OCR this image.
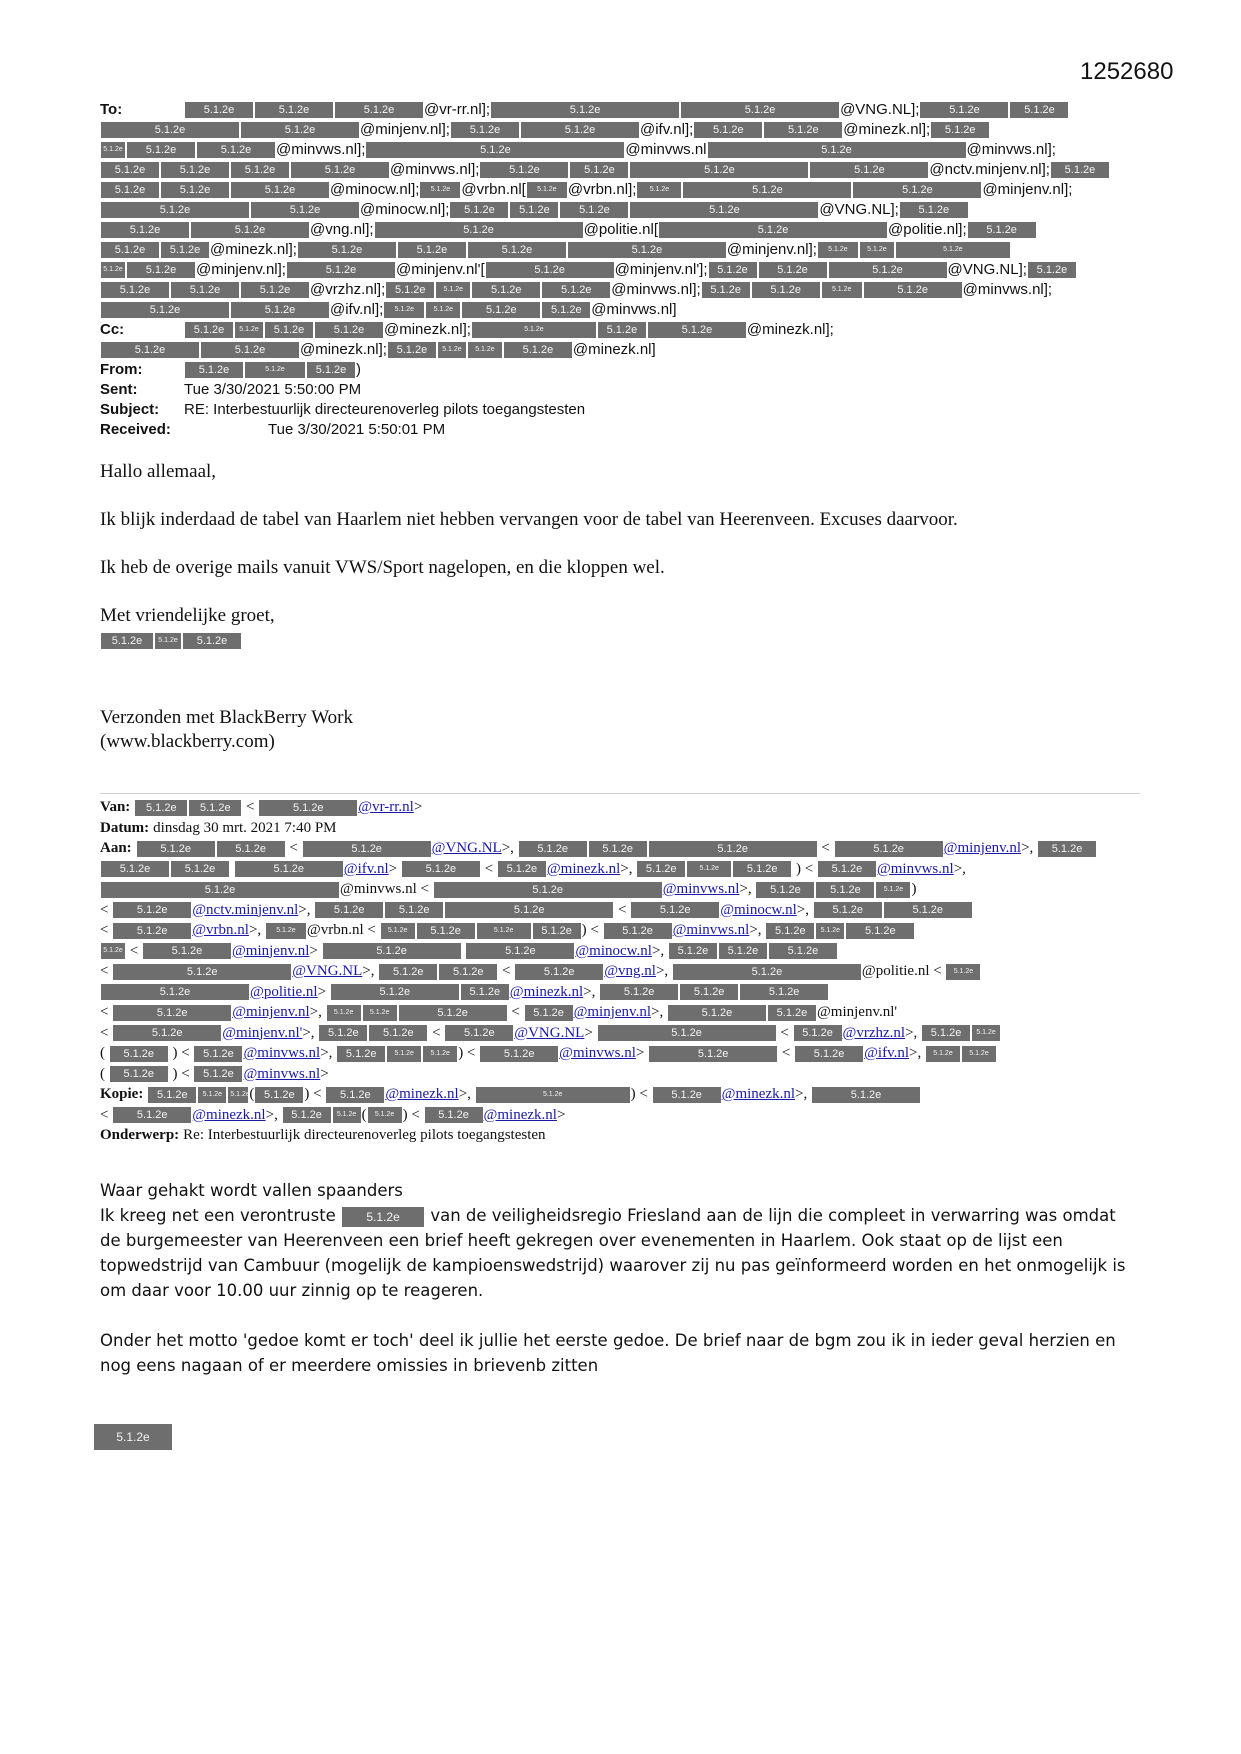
1252680
To:	5.1.2e	5.1.2e	5.1.2e @vr-rr.nl];	5.1.2e	5.1.2e	@VNG.NL];	5.1.2e	5.1.2e
5.1.2e	5.1.2e	@minjenv.nl]; 5.1.2e	5.1.2e	@ifv.nl]; 5.1.2e	5.1.2e @minezk.nl]; 5.1.2e
5.1.2e 5.1.2e	5.1.2e @minvws.nl];	5.1.2e	@minvws.nl	5.1.2e	@minvws.nl];
5.1.2e	5.1.2e	5.1.2e	5.1.2e @minvws.nl];	5.1.2e	5.1.2e	5.1.2e	5.1.2e	@nctv.minjenv.nl]; 5.1.2e
5.1.2e	5.1.2e	5.1.2e @minocw.nl]; 5.1.2e @vrbn.nl[ 5.1.2e @vrbn.nl]; 5.1.2e	5.1.2e	5.1.2e	@minjenv.nl];
5.1.2e	5.1.2e	@minocw.nl]; 5.1.2e 5.1.2e	5.1.2e	5.1.2e	@VNG.NL]; 5.1.2e
5.1.2e	5.1.2e	@vng.nl];	5.1.2e	@politie.nl[	5.1.2e	@politie.nl]; 5.1.2e
5.1.2e 5.1.2e @minezk.nl];	5.1.2e	5.1.2e	5.1.2e	5.1.2e	@minjenv.nl]; 5.1.2e	5.1.2e	5.1.2e
5.1.2e 5.1.2e @minjenv.nl];	5.1.2e	@minjenv.nl'[	5.1.2e	@minjenv.nl']; 5.1.2e	5.1.2e	5.1.2e	@VNG.NL]; 5.1.2e
5.1.2e	5.1.2e	5.1.2e @vrzhz.nl]; 5.1.2e	5.1.2e	5.1.2e	5.1.2e @minvws.nl]; 5.1.2e	5.1.2e	5.1.2e	5.1.2e @minvws.nl];
5.1.2e	5.1.2e @ifv.nl]; 5.1.2e	5.1.2e	5.1.2e	5.1.2e @minvws.nl]
Cc:	5.1.2e 5.1.2e 5.1.2e	5.1.2e @minezk.nl];	5.1.2e	5.1.2e	5.1.2e @minezk.nl];
5.1.2e	5.1.2e @minezk.nl]; 5.1.2e 5.1.2e 5.1.2e	5.1.2e @minezk.nl]
From:	5.1.2e	5.1.2e	5.1.2e )
Sent:	Tue 3/30/2021 5:50:00 PM
Subject: RE: Interbestuurlijk directeurenoverleg pilots toegangstesten
Received:	Tue 3/30/2021 5:50:01 PM

Hallo allemaal,

Ik blijk inderdaad de tabel van Haarlem niet hebben vervangen voor de tabel van Heerenveen. Excuses daarvoor.

Ik heb de overige mails vanuit VWS/Sport nagelopen, en die kloppen wel.

Met vriendelijke groet,
5.1.2e 5.1.2e 5.1.2e
Verzonden met BlackBerry Work
(www.blackberry.com)
Van: 5.1.2e 5.1.2e <	5.1.2e @vr-rr.nl>
Datum: dinsdag 30 mrt. 2021 7:40 PM
Aan:	5.1.2e	5.1.2e <	5.1.2e	@VNG.NL>, 5.1.2e	5.1.2e	5.1.2e	<	5.1.2e	@minjenv.nl>, 5.1.2e
5.1.2e	5.1.2e	5.1.2e	@ifv.nl> 5.1.2e < 5.1.2e @minezk.nl>, 5.1.2e	5.1.2e	5.1.2e ) < 5.1.2e @minvws.nl>,
5.1.2e	@minvws.nl <	5.1.2e	@minvws.nl>, 5.1.2e	5.1.2e	5.1.2e )
< 5.1.2e @nctv.minjenv.nl>, 5.1.2e	5.1.2e	5.1.2e	<	5.1.2e @minocw.nl>, 5.1.2e	5.1.2e
< 5.1.2e @vrbn.nl>, 5.1.2e @vrbn.nl < 5.1.2e 5.1.2e	5.1.2e	5.1.2e ) < 5.1.2e @minvws.nl>, 5.1.2e 5.1.2e 5.1.2e
5.1.2e <	5.1.2e @minjenv.nl>	5.1.2e	5.1.2e	@minocw.nl>, 5.1.2e 5.1.2e	5.1.2e
<	5.1.2e	@VNG.NL>, 5.1.2e	5.1.2e <	5.1.2e @vng.nl>,	5.1.2e	@politie.nl < 5.1.2e
5.1.2e	@politie.nl>	5.1.2e	5.1.2e @minezk.nl>, 5.1.2e	5.1.2e	5.1.2e
<	5.1.2e	@minjenv.nl>, 5.1.2e 5.1.2e	5.1.2e	< 5.1.2e @minjenv.nl>,	5.1.2e	5.1.2e @minjenv.nl'
<	5.1.2e	@minjenv.nl'>, 5.1.2e 5.1.2e < 5.1.2e @VNG.NL>	5.1.2e	< 5.1.2e @vrzhz.nl>, 5.1.2e 5.1.2e
( 5.1.2e ) < 5.1.2e @minvws.nl>, 5.1.2e	5.1.2e 5.1.2e ) < 5.1.2e @minvws.nl>	5.1.2e	< 5.1.2e @ifv.nl>, 5.1.2e 5.1.2e
( 5.1.2e ) < 5.1.2e @minvws.nl>
Kopie: 5.1.2e 5.1.2e 5.1.2e( 5.1.2e ) < 5.1.2e @minezk.nl>,	5.1.2e	) < 5.1.2e @minezk.nl>,	5.1.2e
< 5.1.2e @minezk.nl>, 5.1.2e 5.1.2e ( 5.1.2e ) < 5.1.2e @minezk.nl>
Onderwerp: Re: Interbestuurlijk directeurenoverleg pilots toegangstesten
Waar gehakt wordt vallen spaanders

Ik kreeg net een verontruste	5.1.2e van de veiligheidsregio Friesland aan de lijn die compleet in verwarring was omdat de burgemeester van Heerenveen een brief heeft gekregen over evenementen in Haarlem. Ook staat op de lijst een topwedstrijd van Cambuur (mogelijk de kampioenswedstrijd) waarover zij nu pas geïnformeerd worden en het onmogelijk is om daar voor 10.00 uur zinnig op te reageren.

Onder het motto 'gedoe komt er toch' deel ik jullie het eerste gedoe. De brief naar de bgm zou ik in ieder geval herzien en nog eens nagaan of er meerdere omissies in brievenb zitten

5.1.2e
